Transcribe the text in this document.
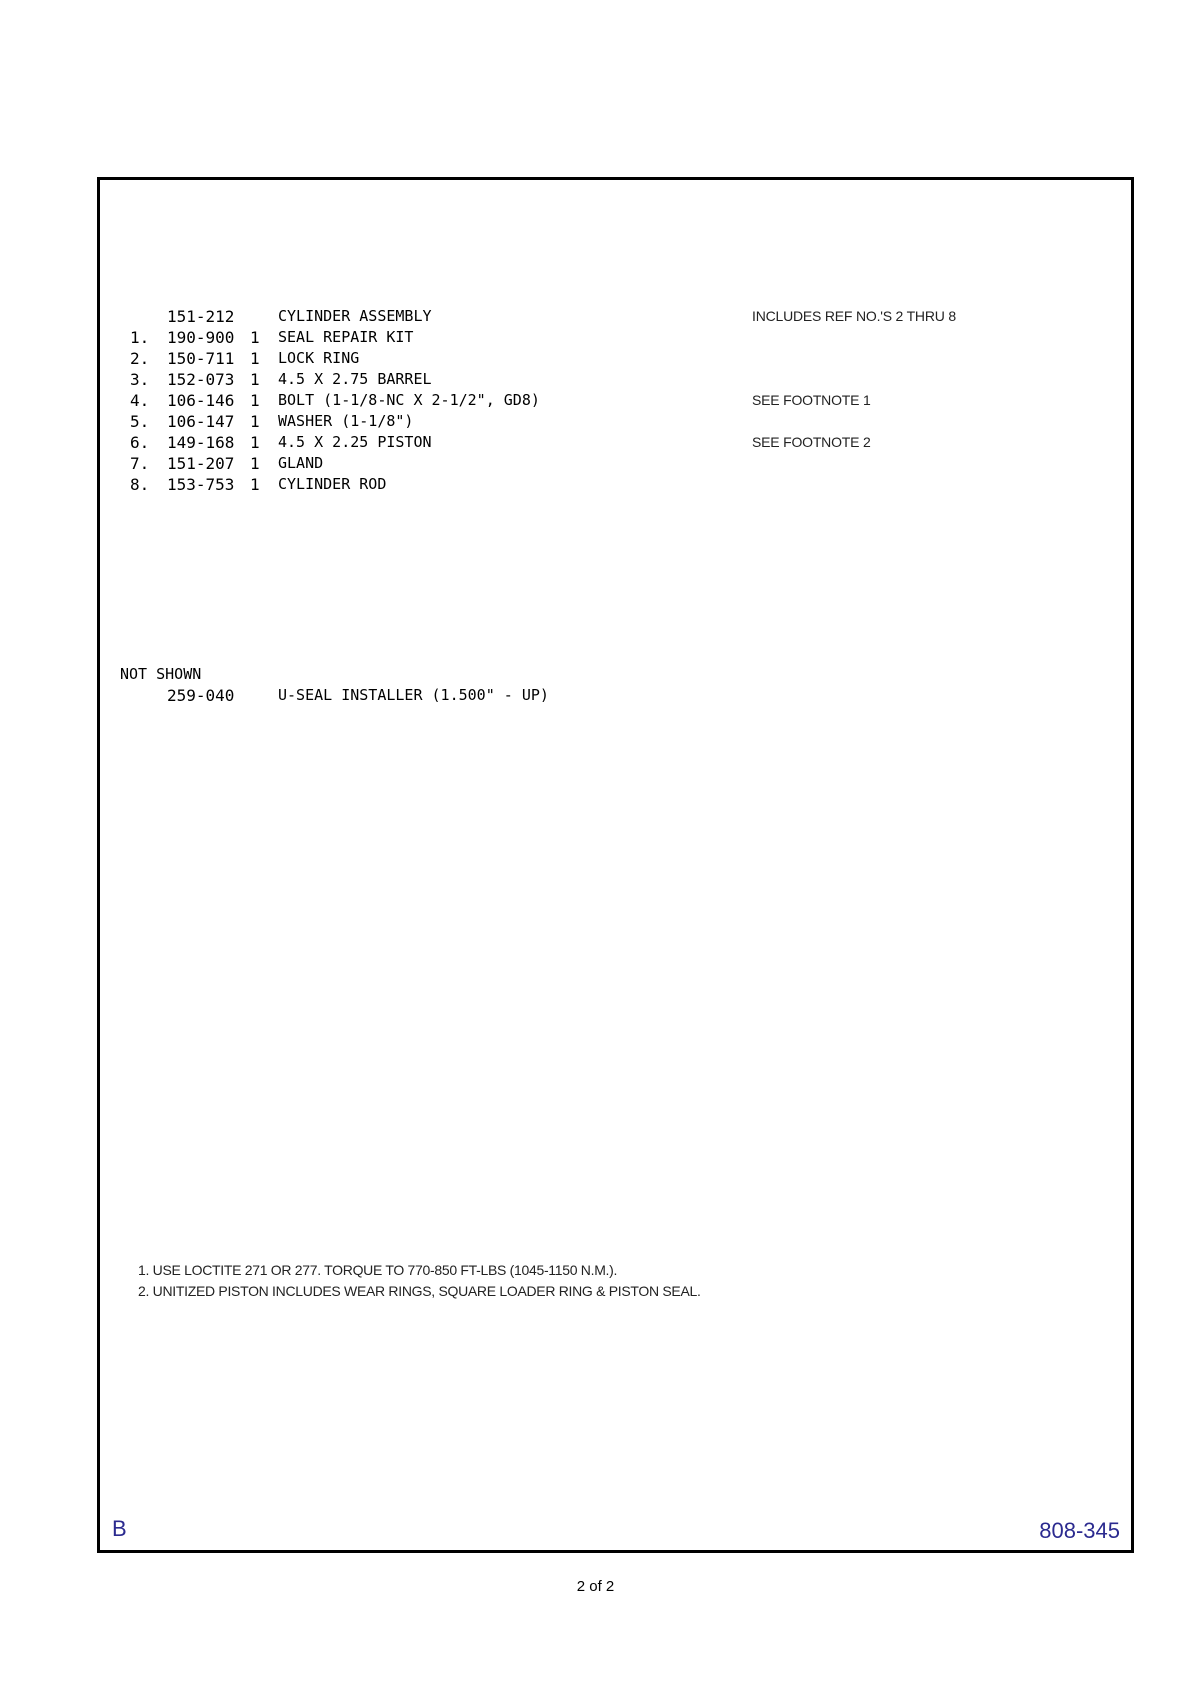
151-212	CYLINDER ASSEMBLY	INCLUDES REF NO.'S 2 THRU 8
1.	190-900 1 SEAL REPAIR KIT
2.	150-711 1 LOCK RING
3.	152-073 1 4.5 X 2.75 BARREL
4.	106-146 1 BOLT (1-1/8-NC X 2-1/2", GD8)	SEE FOOTNOTE 1
5.	106-147 1 WASHER (1-1/8")
6.	149-168 1 4.5 X 2.25 PISTON	SEE FOOTNOTE 2
7.	151-207 1 GLAND
8.	153-753 1 CYLINDER ROD
NOT SHOWN
259-040	U-SEAL INSTALLER (1.500" - UP)
1. USE LOCTITE 271 OR 277. TORQUE TO 770-850 FT-LBS (1045-1150 N.M.).
2. UNITIZED PISTON INCLUDES WEAR RINGS, SQUARE LOADER RING & PISTON SEAL.
B	808-345
2 of 2
